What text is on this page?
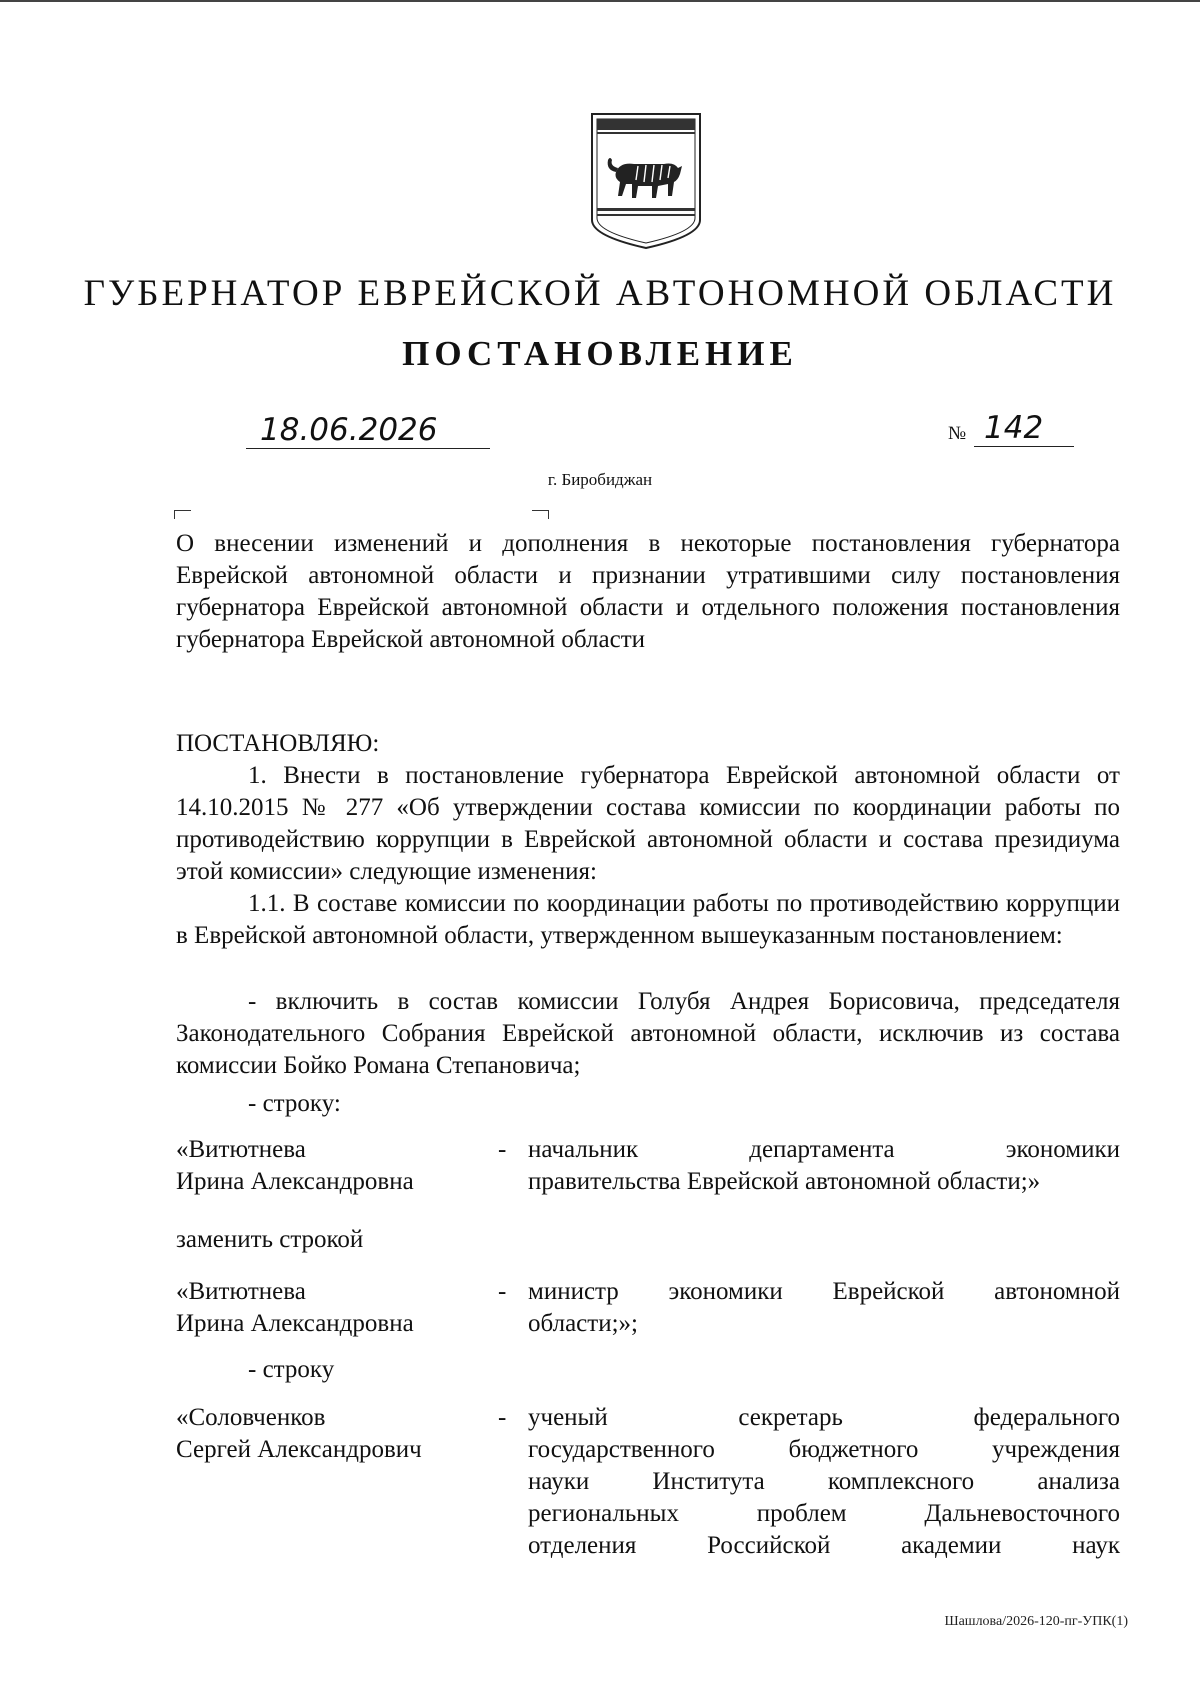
ГУБЕРНАТОР ЕВРЕЙСКОЙ АВТОНОМНОЙ ОБЛАСТИ
ПОСТАНОВЛЕНИЕ
18.06.2026	№ 142
г. Биробиджан
О внесении изменений и дополнения в некоторые постановления губернатора Еврейской автономной области и признании утратившими силу постановления губернатора Еврейской автономной области и отдельного положения постановления губернатора Еврейской автономной области
ПОСТАНОВЛЯЮ:
1. Внести в постановление губернатора Еврейской автономной области от 14.10.2015 № 277 «Об утверждении состава комиссии по координации работы по противодействию коррупции в Еврейской автономной области и состава президиума этой комиссии» следующие изменения:
1.1. В составе комиссии по координации работы по противодействию коррупции в Еврейской автономной области, утвержденном вышеуказанным постановлением:
- включить в состав комиссии Голубя Андрея Борисовича, председателя Законодательного Собрания Еврейской автономной области, исключив из состава комиссии Бойко Романа Степановича;
- строку:
«Витютнева
Ирина Александровна
- начальник департамента экономики
правительства Еврейской автономной области;»
заменить строкой
«Витютнева
Ирина Александровна
- министр экономики Еврейской автономной
области;»;
- строку
«Соловченков
Сергей Александрович
- ученый секретарь федерального
государственного бюджетного учреждения
науки Института комплексного анализа
региональных проблем Дальневосточного
отделения Российской академии наук
Шашлова/2026-120-пг-УПК(1)
